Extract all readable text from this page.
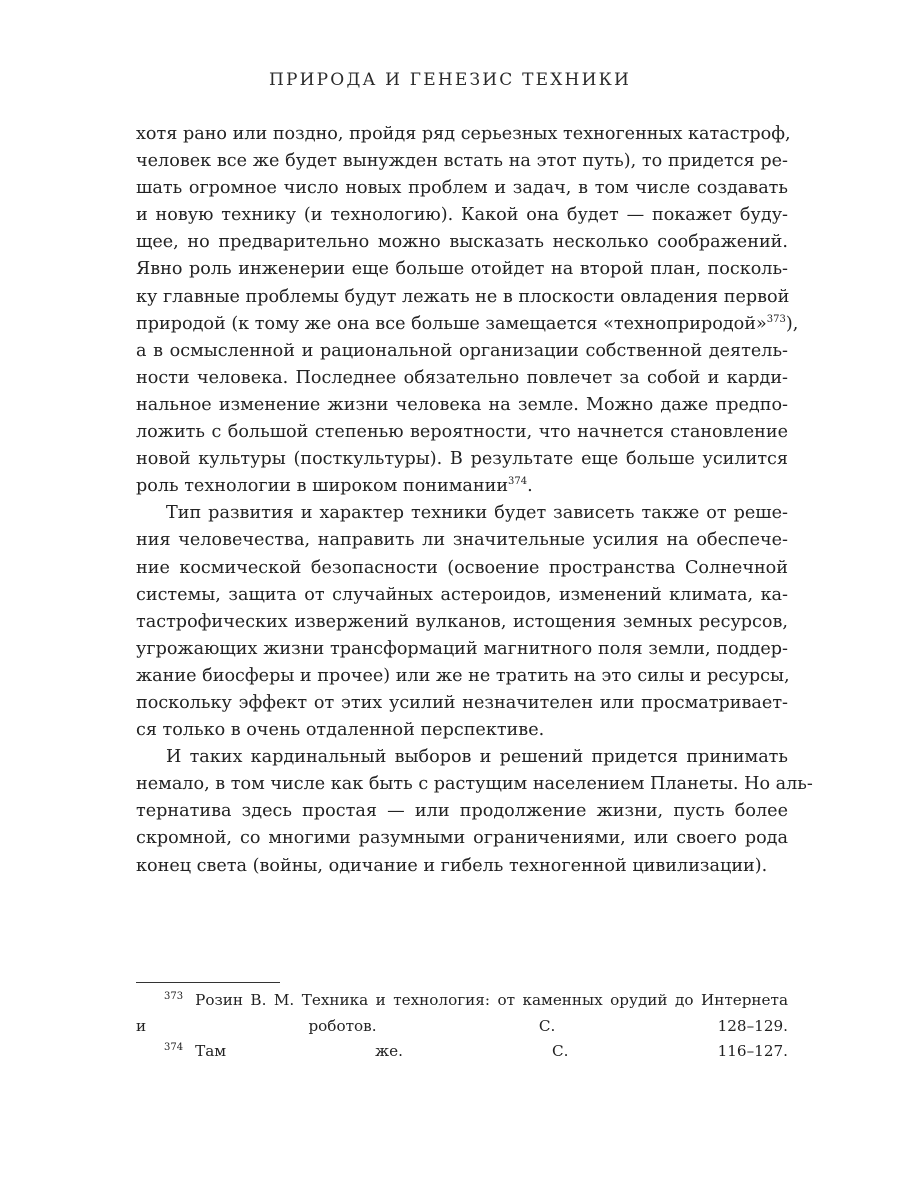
ПРИРОДА И ГЕНЕЗИС ТЕХНИКИ

хотя рано или поздно, пройдя ряд серьезных техногенных катастроф,
человек все же будет вынужден встать на этот путь), то придется ре-
шать огромное число новых проблем и задач, в том числе создавать
и новую технику (и технологию). Какой она будет — покажет буду-
щее, но предварительно можно высказать несколько соображений.
Явно роль инженерии еще больше отойдет на второй план, посколь-
ку главные проблемы будут лежать не в плоскости овладения первой
природой (к тому же она все больше замещается «технoприродой»$^{373}$),
а в осмысленной и рациональной организации собственной деятель-
ности человека. Последнее обязательно повлечет за собой и карди-
нальное изменение жизни человека на земле. Можно даже предпо-
ложить с большой степенью вероятности, что начнется становление
новой культуры (посткультуры). В результате еще больше усилится
роль технологии в широком понимании$^{374}$.

Тип развития и характер техники будет зависеть также от реше-
ния человечества, направить ли значительные усилия на обеспече-
ние космической безопасности (освоение пространства Солнечной
системы, защита от случайных астероидов, изменений климата, ка-
тастрофических извержений вулканов, истощения земных ресурсов,
угрожающих жизни трансформаций магнитного поля земли, поддер-
жание биосферы и прочее) или же не тратить на это силы и ресурсы,
поскольку эффект от этих усилий незначителен или просматривает-
ся только в очень отдаленной перспективе.

И таких кардинальный выборов и решений придется принимать
немало, в том числе как быть с растущим населением Планеты. Но аль-
тернатива здесь простая — или продолжение жизни, пусть более
скромной, со многими разумными ограничениями, или своего рода
конец света (войны, одичание и гибель техногенной цивилизации).

$^{373}$ Розин В. М. Техника и технология: от каменных орудий до Интернета
и роботов. С. 128–129.
$^{374}$ Там же. С. 116–127.
